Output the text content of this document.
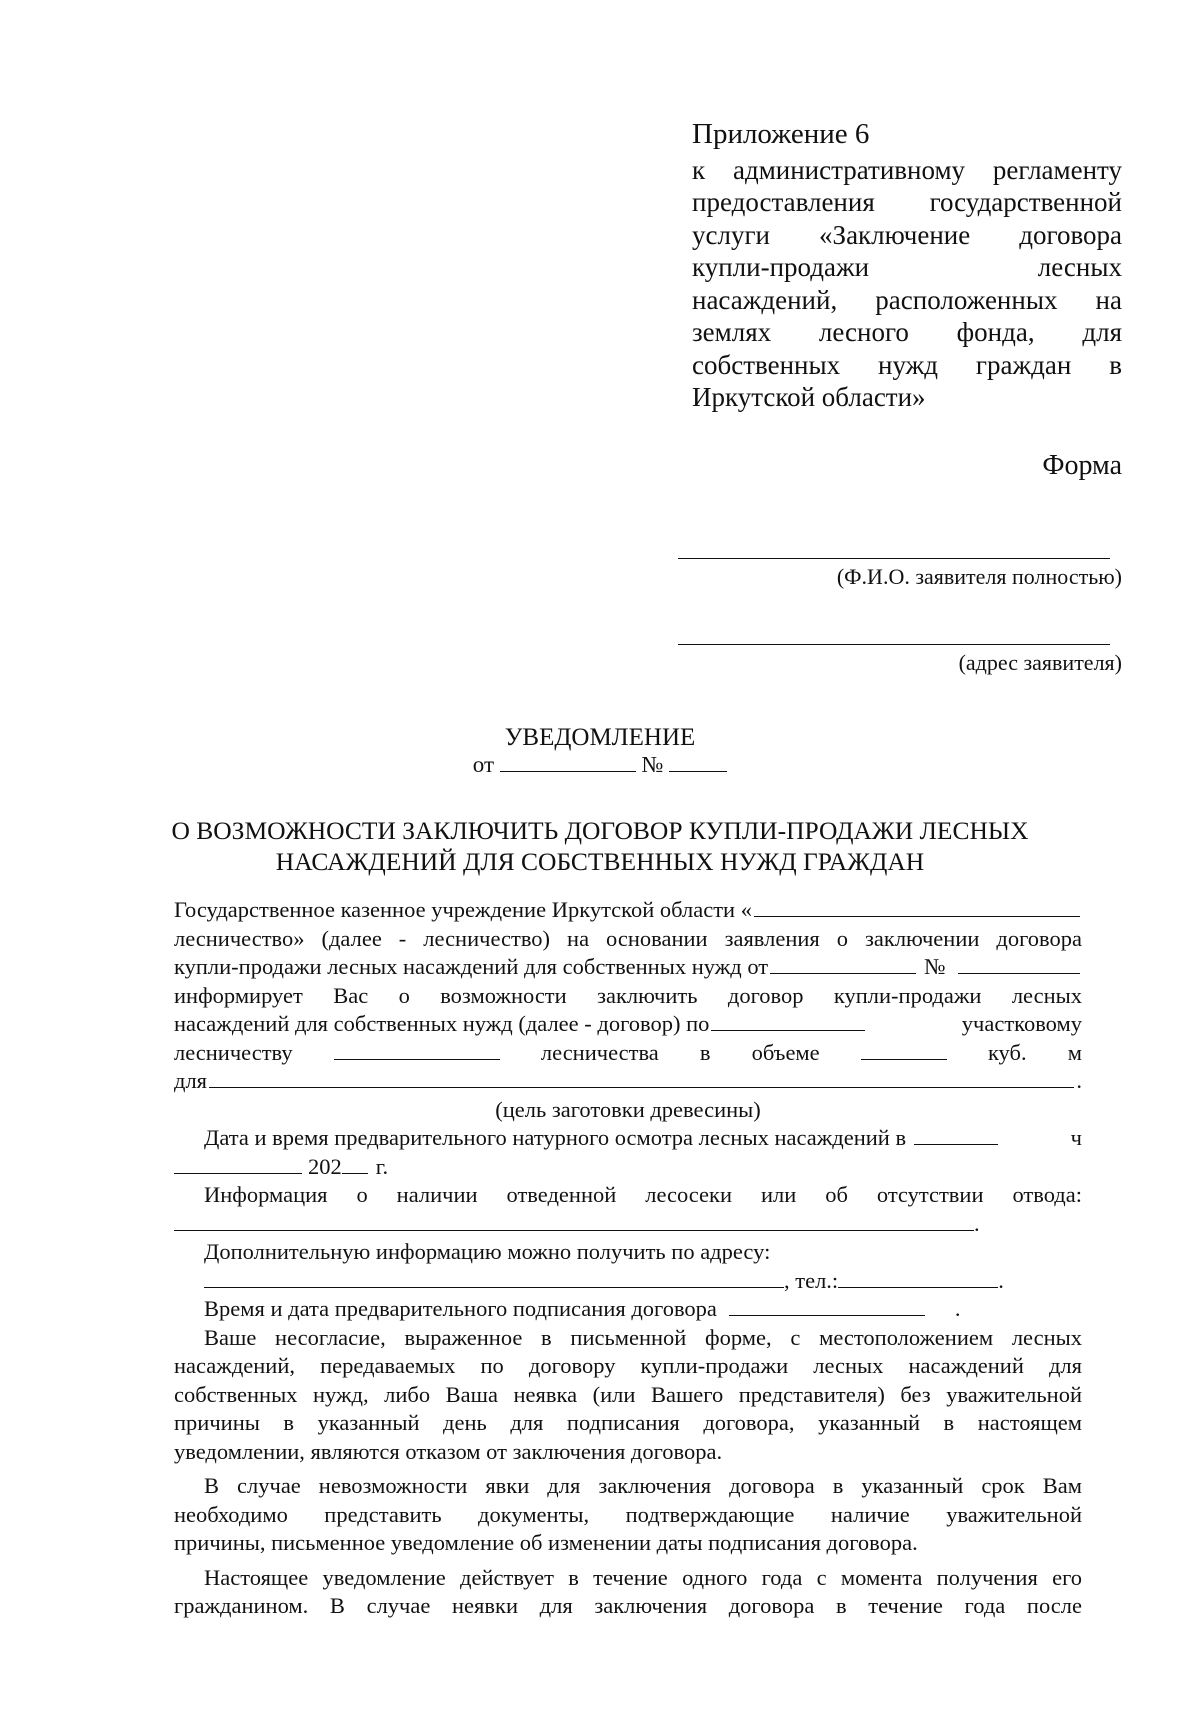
Приложение 6
к административному регламенту
предоставления государственной
услуги «Заключение договора
купли-продажи лесных
насаждений, расположенных на
землях лесного фонда, для
собственных нужд граждан в
Иркутской области»
Форма
(Ф.И.О. заявителя полностью)
(адрес заявителя)
УВЕДОМЛЕНИЕ
от	№
О ВОЗМОЖНОСТИ ЗАКЛЮЧИТЬ ДОГОВОР КУПЛИ-ПРОДАЖИ ЛЕСНЫХ
НАСАЖДЕНИЙ ДЛЯ СОБСТВЕННЫХ НУЖД ГРАЖДАН
Государственное казенное учреждение Иркутской области «
лесничество» (далее - лесничество) на основании заявления о заключении договора
купли-продажи лесных насаждений для собственных нужд от	№
информирует Вас о возможности заключить договор купли-продажи лесных
насаждений для собственных нужд (далее - договор) по	участковому
лесничеству	лесничества в объеме	куб. м
для	.
(цель заготовки древесины)
Дата и время предварительного натурного осмотра лесных насаждений в	ч
202 г.
Информация о наличии отведенной лесосеки или об отсутствии отвода:
.
Дополнительную информацию можно получить по адресу:
, тел.:	.
Время и дата предварительного подписания договора	.
Ваше несогласие, выраженное в письменной форме, с местоположением лесных
насаждений, передаваемых по договору купли-продажи лесных насаждений для
собственных нужд, либо Ваша неявка (или Вашего представителя) без уважительной
причины в указанный день для подписания договора, указанный в настоящем
уведомлении, являются отказом от заключения договора.
В случае невозможности явки для заключения договора в указанный срок Вам
необходимо представить документы, подтверждающие наличие уважительной
причины, письменное уведомление об изменении даты подписания договора.
Настоящее уведомление действует в течение одного года с момента получения его
гражданином. В случае неявки для заключения договора в течение года после
